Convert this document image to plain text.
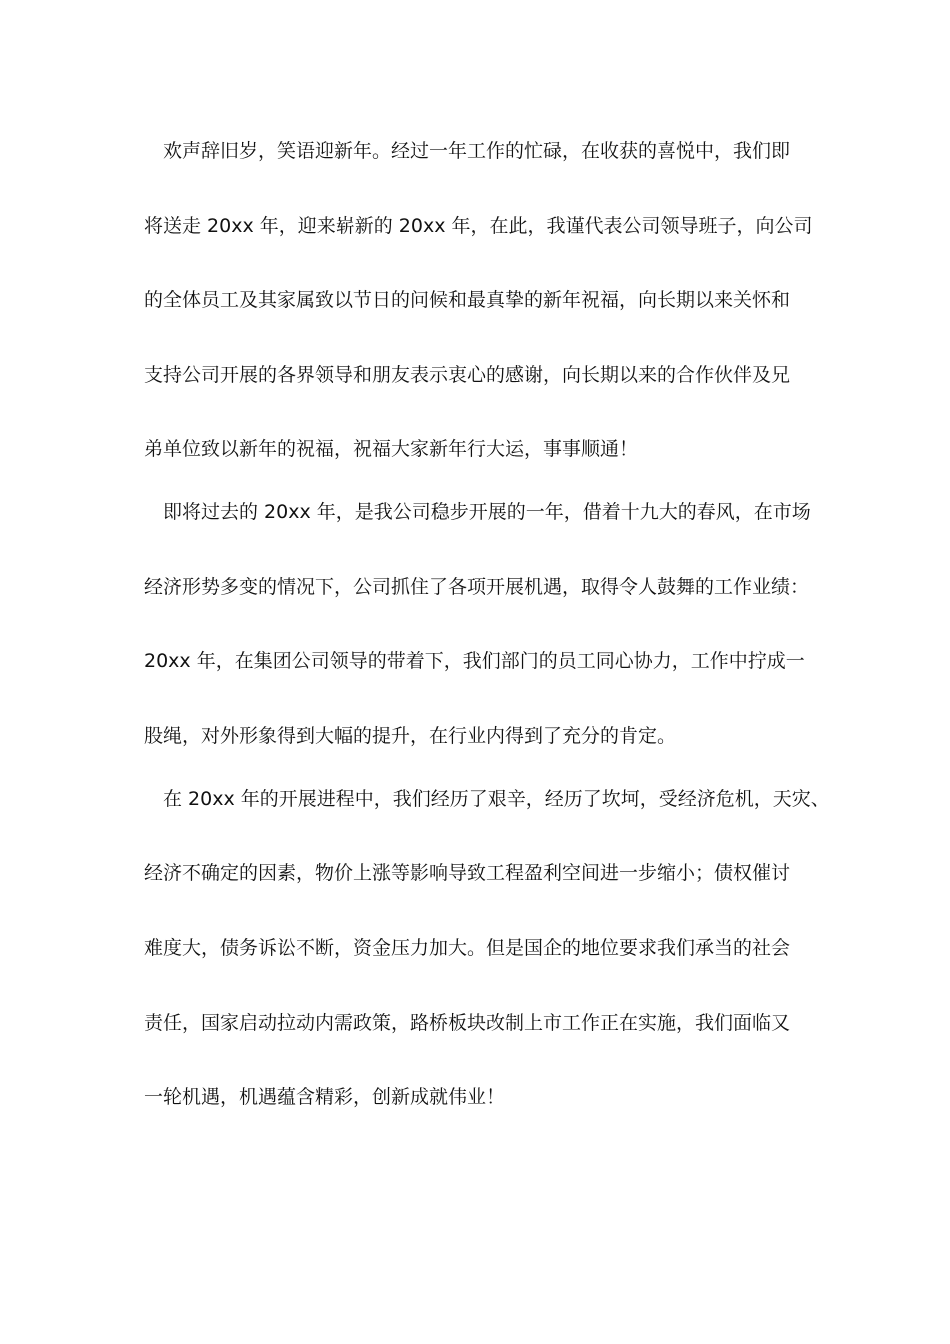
欢声辞旧岁，笑语迎新年。经过一年工作的忙碌，在收获的喜悦中，我们即
将送走 20xx 年，迎来崭新的 20xx 年，在此，我谨代表公司领导班子，向公司
的全体员工及其家属致以节日的问候和最真挚的新年祝福，向长期以来关怀和
支持公司开展的各界领导和朋友表示衷心的感谢，向长期以来的合作伙伴及兄
弟单位致以新年的祝福，祝福大家新年行大运，事事顺通！
即将过去的 20xx 年，是我公司稳步开展的一年，借着十九大的春风，在市场
经济形势多变的情况下，公司抓住了各项开展机遇，取得令人鼓舞的工作业绩：
20xx 年，在集团公司领导的带着下，我们部门的员工同心协力，工作中拧成一
股绳，对外形象得到大幅的提升，在行业内得到了充分的肯定。
在 20xx 年的开展进程中，我们经历了艰辛，经历了坎坷，受经济危机，天灾、
经济不确定的因素，物价上涨等影响导致工程盈利空间进一步缩小；债权催讨
难度大，债务诉讼不断，资金压力加大。但是国企的地位要求我们承当的社会
责任，国家启动拉动内需政策，路桥板块改制上市工作正在实施，我们面临又
一轮机遇，机遇蕴含精彩，创新成就伟业！
